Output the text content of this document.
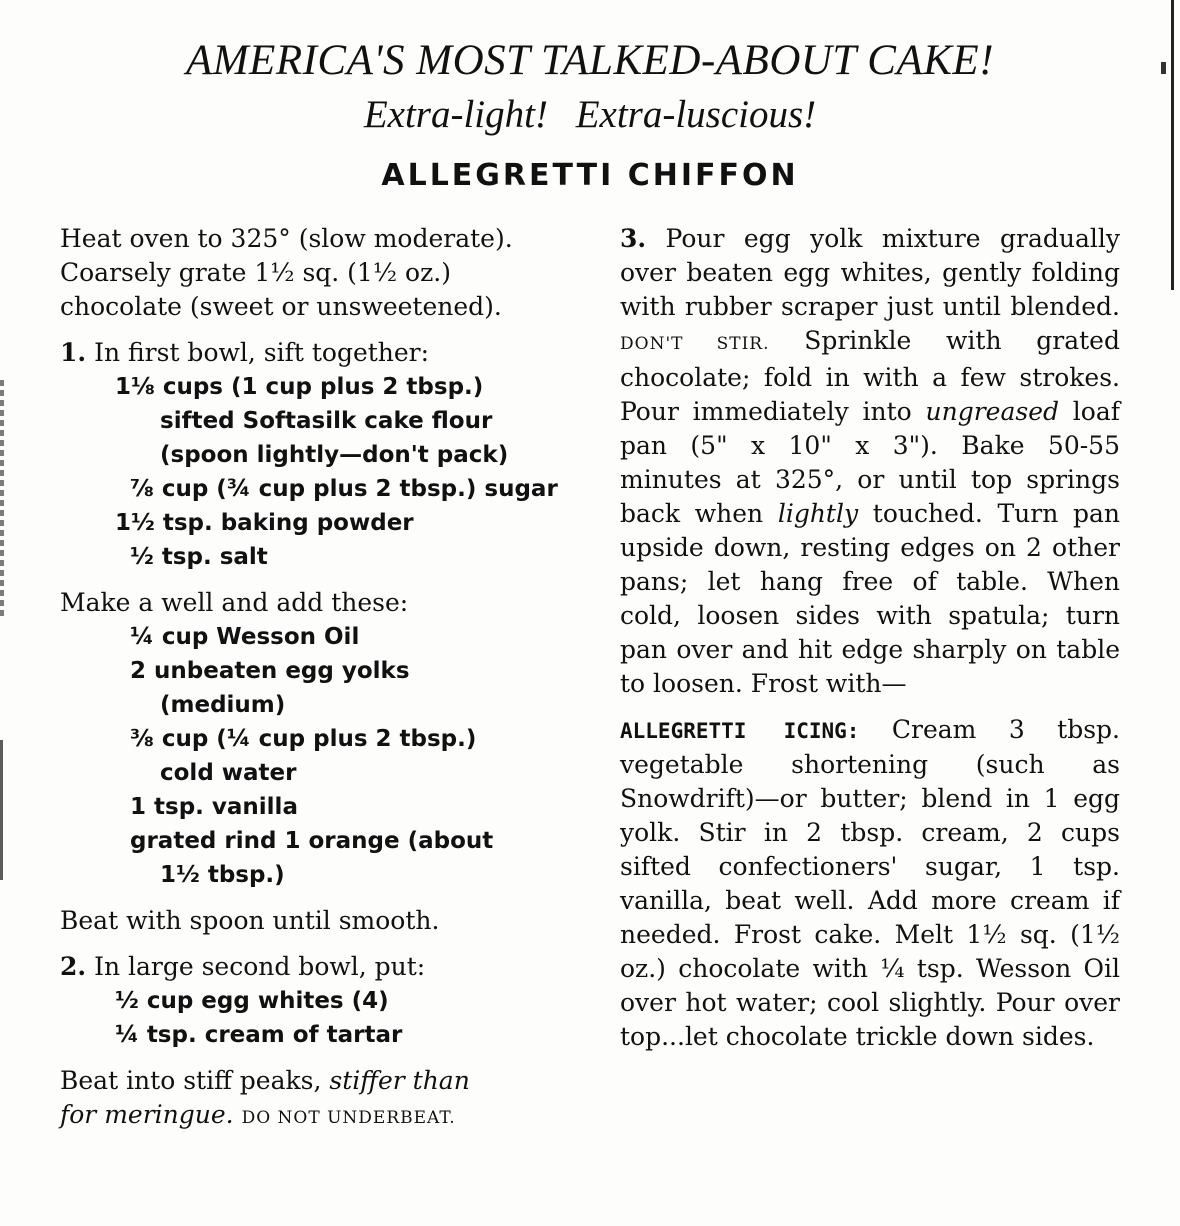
AMERICA'S MOST TALKED-ABOUT CAKE!
Extra-light! Extra-luscious!
ALLEGRETTI CHIFFON

Heat oven to 325° (slow moderate).

Coarsely grate 1½ sq. (1½ oz.)

chocolate (sweet or unsweetened).

1. In first bowl, sift together:

1⅛ cups (1 cup plus 2 tbsp.)

sifted Softasilk cake flour

(spoon lightly—don't pack)

⅞ cup (¾ cup plus 2 tbsp.) sugar

1½ tsp. baking powder

½ tsp. salt

Make a well and add these:

¼ cup Wesson Oil

2 unbeaten egg yolks

(medium)

⅜ cup (¼ cup plus 2 tbsp.)

cold water

1 tsp. vanilla

grated rind 1 orange (about

1½ tbsp.)

Beat with spoon until smooth.

2. In large second bowl, put:

½ cup egg whites (4)

¼ tsp. cream of tartar

Beat into stiff peaks, stiffer than
for meringue. DO NOT UNDERBEAT.

3. Pour egg yolk mixture gradually over beaten egg whites, gently folding with rubber scraper just until blended. DON'T STIR. Sprinkle with grated chocolate; fold in with a few strokes. Pour immediately into ungreased loaf pan (5" x 10" x 3"). Bake 50-55 minutes at 325°, or until top springs back when lightly touched. Turn pan upside down, resting edges on 2 other pans; let hang free of table. When cold, loosen sides with spatula; turn pan over and hit edge sharply on table to loosen. Frost with—

ALLEGRETTI ICING: Cream 3 tbsp. vegetable shortening (such as Snowdrift)—or butter; blend in 1 egg yolk. Stir in 2 tbsp. cream, 2 cups sifted confectioners' sugar, 1 tsp. vanilla, beat well. Add more cream if needed. Frost cake. Melt 1½ sq. (1½ oz.) chocolate with ¼ tsp. Wesson Oil over hot water; cool slightly. Pour over top...let chocolate trickle down sides.
